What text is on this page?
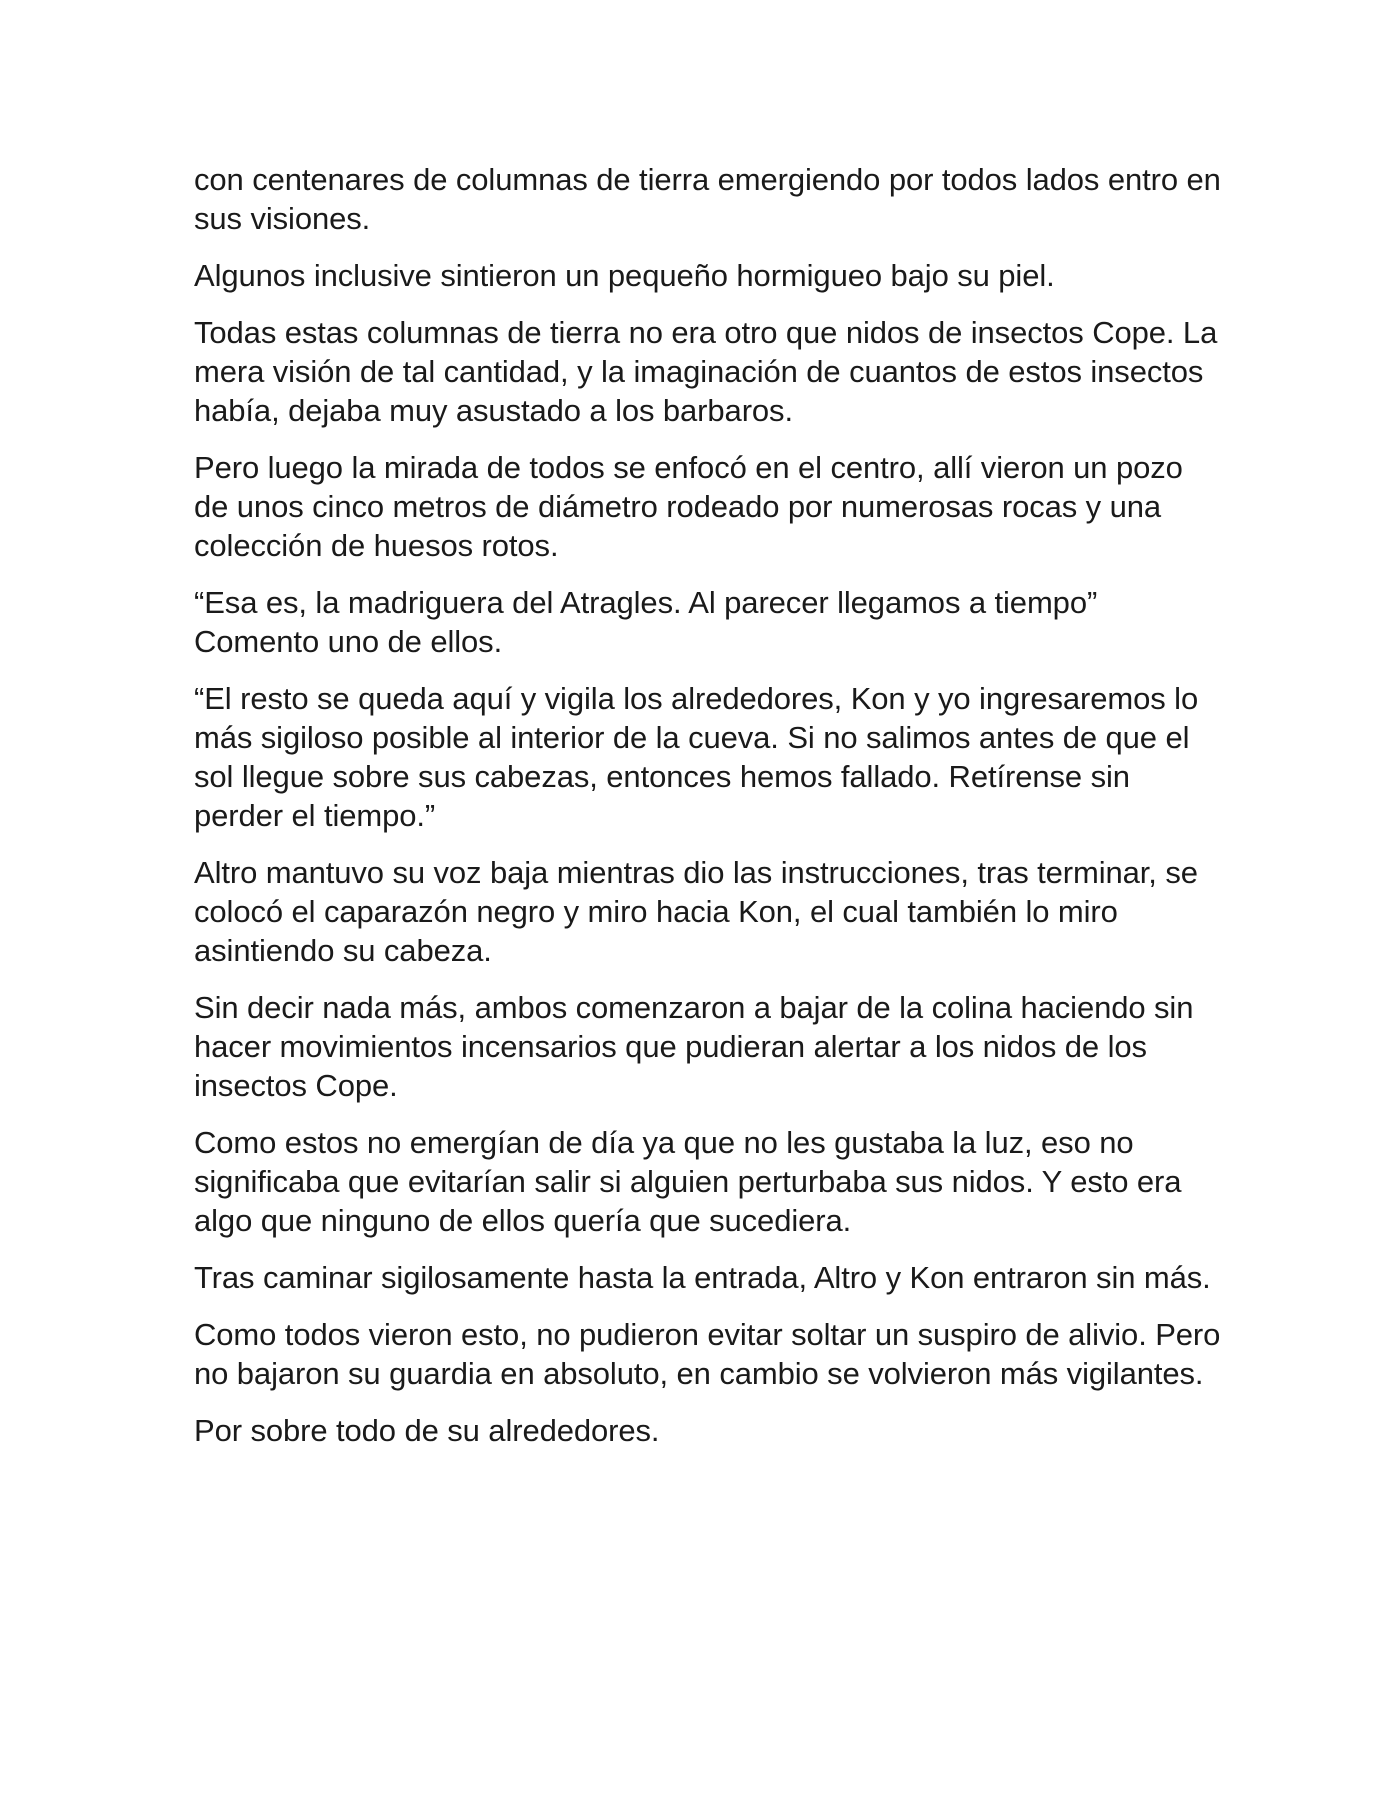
con centenares de columnas de tierra emergiendo por todos lados entro en sus visiones.

Algunos inclusive sintieron un pequeño hormigueo bajo su piel.

Todas estas columnas de tierra no era otro que nidos de insectos Cope. La mera visión de tal cantidad, y la imaginación de cuantos de estos insectos había, dejaba muy asustado a los barbaros.

Pero luego la mirada de todos se enfocó en el centro, allí vieron un pozo de unos cinco metros de diámetro rodeado por numerosas rocas y una colección de huesos rotos.

“Esa es, la madriguera del Atragles. Al parecer llegamos a tiempo” Comento uno de ellos.

“El resto se queda aquí y vigila los alrededores, Kon y yo ingresaremos lo más sigiloso posible al interior de la cueva. Si no salimos antes de que el sol llegue sobre sus cabezas, entonces hemos fallado. Retírense sin perder el tiempo.”

Altro mantuvo su voz baja mientras dio las instrucciones, tras terminar, se colocó el caparazón negro y miro hacia Kon, el cual también lo miro asintiendo su cabeza.

Sin decir nada más, ambos comenzaron a bajar de la colina haciendo sin hacer movimientos incensarios que pudieran alertar a los nidos de los insectos Cope.

Como estos no emergían de día ya que no les gustaba la luz, eso no significaba que evitarían salir si alguien perturbaba sus nidos. Y esto era algo que ninguno de ellos quería que sucediera.

Tras caminar sigilosamente hasta la entrada, Altro y Kon entraron sin más.

Como todos vieron esto, no pudieron evitar soltar un suspiro de alivio. Pero no bajaron su guardia en absoluto, en cambio se volvieron más vigilantes.

Por sobre todo de su alrededores.
